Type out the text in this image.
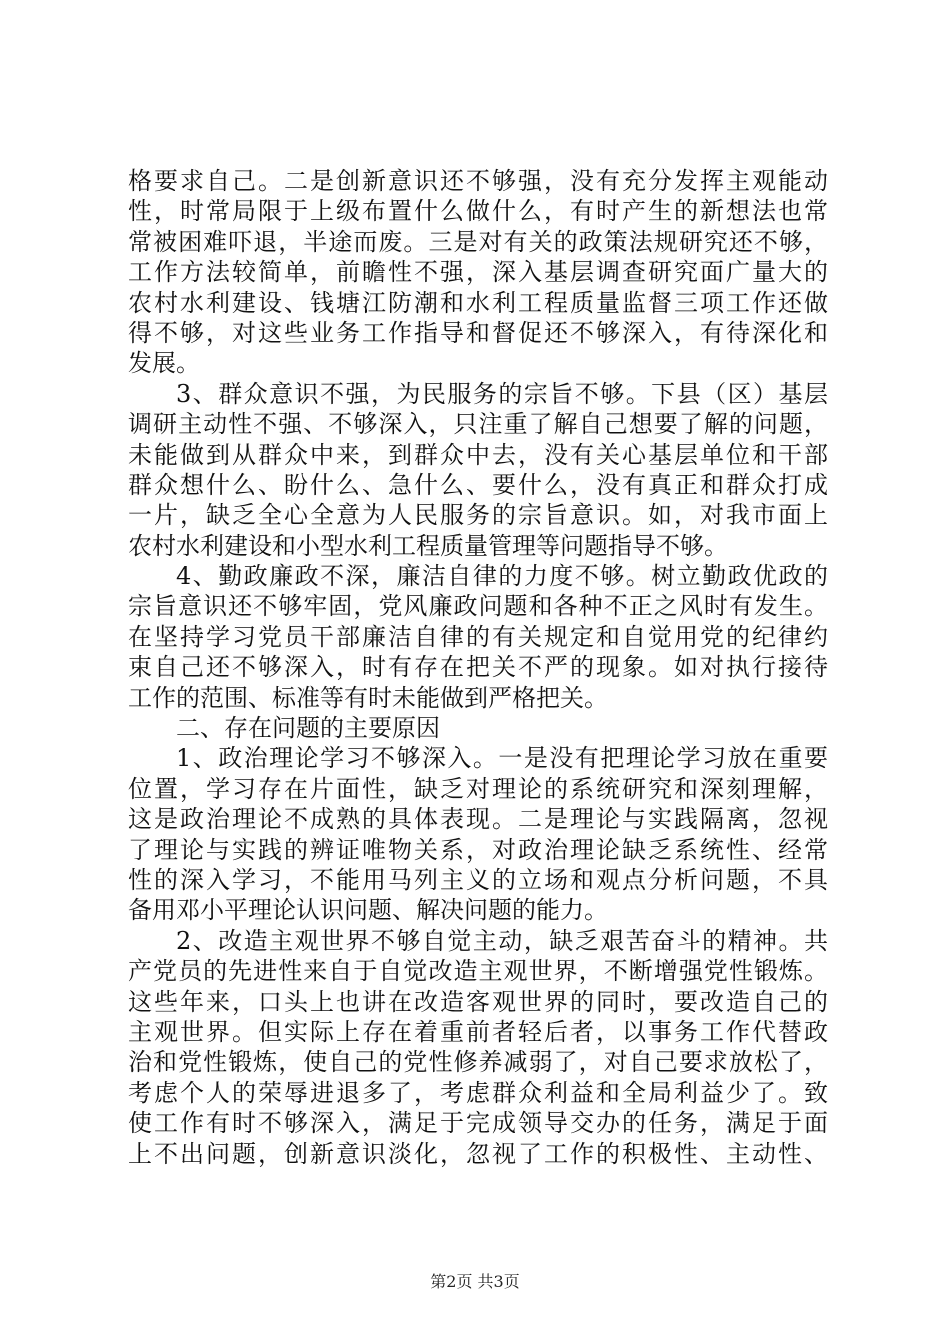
格要求自己。二是创新意识还不够强，没有充分发挥主观能动
性，时常局限于上级布置什么做什么，有时产生的新想法也常
常被困难吓退，半途而废。三是对有关的政策法规研究还不够，
工作方法较简单，前瞻性不强，深入基层调查研究面广量大的
农村水利建设、钱塘江防潮和水利工程质量监督三项工作还做
得不够，对这些业务工作指导和督促还不够深入，有待深化和
发展。
3、群众意识不强，为民服务的宗旨不够。下县（区）基层
调研主动性不强、不够深入，只注重了解自己想要了解的问题，
未能做到从群众中来，到群众中去，没有关心基层单位和干部
群众想什么、盼什么、急什么、要什么，没有真正和群众打成
一片，缺乏全心全意为人民服务的宗旨意识。如，对我市面上
农村水利建设和小型水利工程质量管理等问题指导不够。
4、勤政廉政不深，廉洁自律的力度不够。树立勤政优政的
宗旨意识还不够牢固，党风廉政问题和各种不正之风时有发生。
在坚持学习党员干部廉洁自律的有关规定和自觉用党的纪律约
束自己还不够深入，时有存在把关不严的现象。如对执行接待
工作的范围、标准等有时未能做到严格把关。
二、存在问题的主要原因
1、政治理论学习不够深入。一是没有把理论学习放在重要
位置，学习存在片面性，缺乏对理论的系统研究和深刻理解，
这是政治理论不成熟的具体表现。二是理论与实践隔离，忽视
了理论与实践的辨证唯物关系，对政治理论缺乏系统性、经常
性的深入学习，不能用马列主义的立场和观点分析问题，不具
备用邓小平理论认识问题、解决问题的能力。
2、改造主观世界不够自觉主动，缺乏艰苦奋斗的精神。共
产党员的先进性来自于自觉改造主观世界，不断增强党性锻炼。
这些年来，口头上也讲在改造客观世界的同时，要改造自己的
主观世界。但实际上存在着重前者轻后者，以事务工作代替政
治和党性锻炼，使自己的党性修养减弱了，对自己要求放松了，
考虑个人的荣辱进退多了，考虑群众利益和全局利益少了。致
使工作有时不够深入，满足于完成领导交办的任务，满足于面
上不出问题，创新意识淡化，忽视了工作的积极性、主动性、
第2页 共3页
